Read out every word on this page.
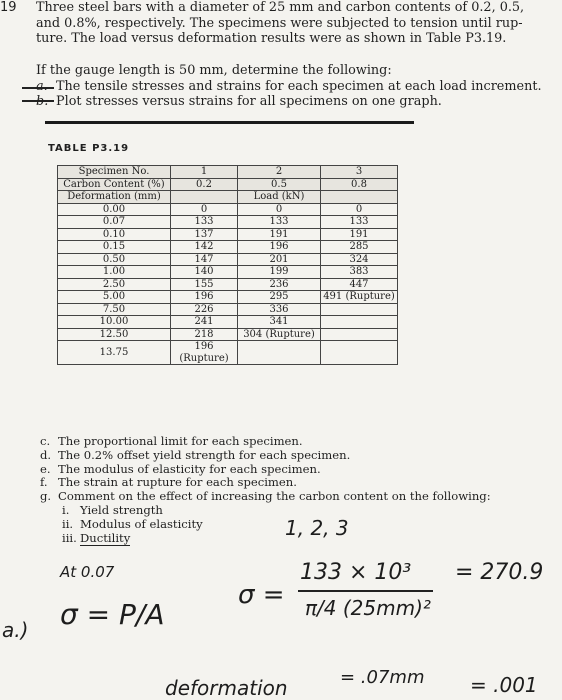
19 Three steel bars with a diameter of 25 mm and carbon contents of 0.2, 0.5,
and 0.8%, respectively. The specimens were subjected to tension until rup-
ture. The load versus deformation results were as shown in Table P3.19.
If the gauge length is 50 mm, determine the following:
a. The tensile stresses and strains for each specimen at each load increment.
b. Plot stresses versus strains for all specimens on one graph.
TABLE P3.19
Specimen No.	1	2	3
Carbon Content (%)	0.2	0.5	0.8
Deformation (mm)		Load (kN)	
0.00	0	0	0
0.07	133	133	133
0.10	137	191	191
0.15	142	196	285
0.50	147	201	324
1.00	140	199	383
2.50	155	236	447
5.00	196	295	491 (Rupture)
7.50	226	336	
10.00	241	341	
12.50	218	304 (Rupture)	
13.75	196 (Rupture)		
c. The proportional limit for each specimen.
d. The 0.2% offset yield strength for each specimen.
e. The modulus of elasticity for each specimen.
f. The strain at rupture for each specimen.
g. Comment on the effect of increasing the carbon content on the following:
i. Yield strength
ii. Modulus of elasticity
iii. Ductility
At 0.07
1, 2, 3
a.) σ = P/A
σ =
133 × 10³
π/4 (25mm)²
= 270.9
deformation	= .07mm = .001
